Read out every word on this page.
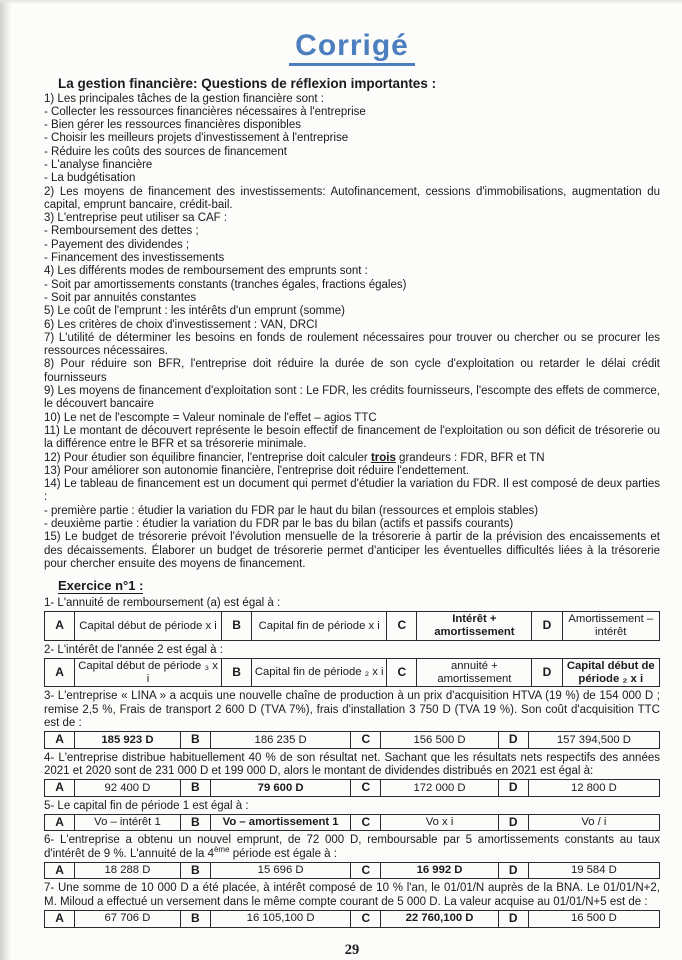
Corrigé
La gestion financière: Questions de réflexion importantes :
1) Les principales tâches de la gestion financière sont :
- Collecter les ressources financières nécessaires à l'entreprise
- Bien gérer les ressources financières disponibles
- Choisir les meilleurs projets d'investissement à l'entreprise
- Réduire les coûts des sources de financement
- L'analyse financière
- La budgétisation
2) Les moyens de financement des investissements: Autofinancement, cessions d'immobilisations, augmentation du capital, emprunt bancaire, crédit-bail.
3) L'entreprise peut utiliser sa CAF :
- Remboursement des dettes ;
- Payement des dividendes ;
- Financement des investissements
4) Les différents modes de remboursement des emprunts sont :
- Soit par amortissements constants (tranches égales, fractions égales)
- Soit par annuités constantes
5) Le coût de l'emprunt : les intérêts d'un emprunt (somme)
6) Les critères de choix d'investissement : VAN, DRCI
7) L'utilité de déterminer les besoins en fonds de roulement nécessaires pour trouver ou chercher ou se procurer les ressources nécessaires.
8) Pour réduire son BFR, l'entreprise doit réduire la durée de son cycle d'exploitation ou retarder le délai crédit fournisseurs
9) Les moyens de financement d'exploitation sont : Le FDR, les crédits fournisseurs, l'escompte des effets de commerce, le découvert bancaire
10) Le net de l'escompte = Valeur nominale de l'effet – agios TTC
11) Le montant de découvert représente le besoin effectif de financement de l'exploitation ou son déficit de trésorerie ou la différence entre le BFR et sa trésorerie minimale.
12) Pour étudier son équilibre financier, l'entreprise doit calculer trois grandeurs : FDR, BFR et TN
13) Pour améliorer son autonomie financière, l'entreprise doit réduire l'endettement.
14) Le tableau de financement est un document qui permet d'étudier la variation du FDR. Il est composé de deux parties :
- première partie : étudier la variation du FDR par le haut du bilan (ressources et emplois stables)
- deuxième partie : étudier la variation du FDR par le bas du bilan (actifs et passifs courants)
15) Le budget de trésorerie prévoit l'évolution mensuelle de la trésorerie à partir de la prévision des encaissements et des décaissements. Élaborer un budget de trésorerie permet d'anticiper les éventuelles difficultés liées à la trésorerie pour chercher ensuite des moyens de financement.
Exercice n°1 :
1- L'annuité de remboursement (a) est égal à :
A	Capital début de période x i	B	Capital fin de période x i	C	Intérêt + amortissement	D	Amortissement – intérêt
2- L'intérêt de l'année 2 est égal à :
A	Capital début de période ₃ x i	B	Capital fin de période ₂ x i	C	annuité + amortissement	D	Capital début de période ₂ x i
3- L'entreprise « LINA » a acquis une nouvelle chaîne de production à un prix d'acquisition HTVA (19 %) de 154 000 D ; remise 2,5 %, Frais de transport 2 600 D (TVA 7%), frais d'installation 3 750 D (TVA 19 %). Son coût d'acquisition TTC est de :
A	185 923 D	B	186 235 D	C	156 500 D	D	157 394,500 D
4- L'entreprise distribue habituellement 40 % de son résultat net. Sachant que les résultats nets respectifs des années 2021 et 2020 sont de 231 000 D et 199 000 D, alors le montant de dividendes distribués en 2021 est égal à:
A	92 400 D	B	79 600 D	C	172 000 D	D	12 800 D
5- Le capital fin de période 1 est égal à :
A	Vo – intérêt 1	B	Vo – amortissement 1	C	Vo x i	D	Vo / i
6- L'entreprise a obtenu un nouvel emprunt, de 72 000 D, remboursable par 5 amortissements constants au taux d'intérêt de 9 %. L'annuité de la 4ème période est égale à :
A	18 288 D	B	15 696 D	C	16 992 D	D	19 584 D
7- Une somme de 10 000 D a été placée, à intérêt composé de 10 % l'an, le 01/01/N auprès de la BNA. Le 01/01/N+2, M. Miloud a effectué un versement dans le même compte courant de 5 000 D. La valeur acquise au 01/01/N+5 est de :
A	67 706 D	B	16 105,100 D	C	22 760,100 D	D	16 500 D
29
